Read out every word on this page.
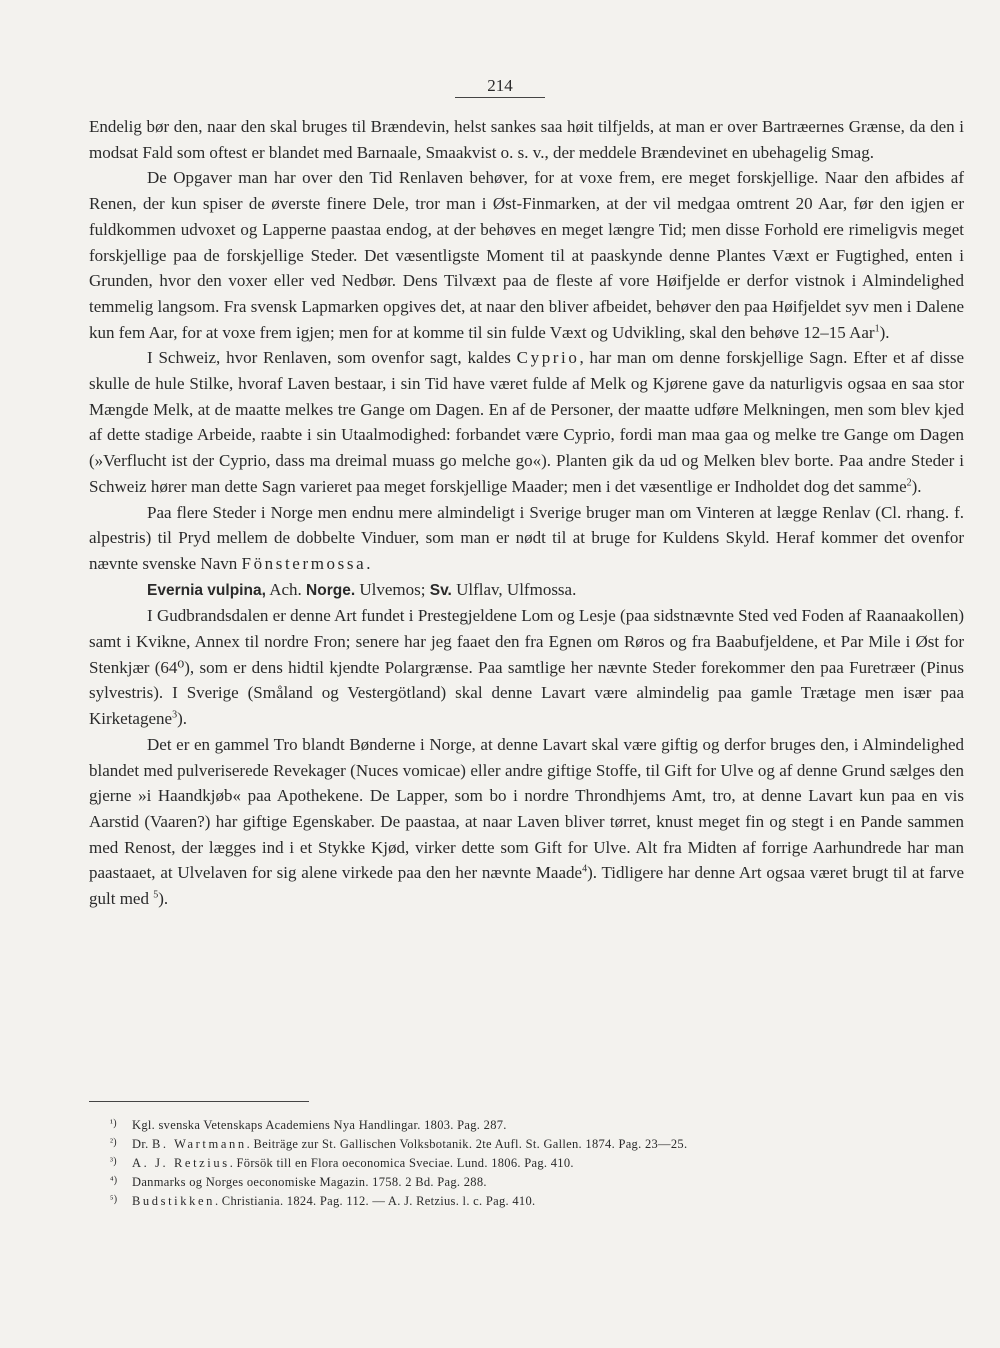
214

Endelig bør den, naar den skal bruges til Brændevin, helst sankes saa høit tilfjelds, at man er over Bartræernes Grænse, da den i modsat Fald som oftest er blandet med Barnaale, Smaakvist o. s. v., der meddele Brændevinet en ubehagelig Smag.

De Opgaver man har over den Tid Renlaven behøver, for at voxe frem, ere meget forskjellige. Naar den afbides af Renen, der kun spiser de øverste finere Dele, tror man i Øst-Finmarken, at der vil medgaa omtrent 20 Aar, før den igjen er fuldkommen udvoxet og Lapperne paastaa endog, at der behøves en meget længre Tid; men disse Forhold ere rimeligvis meget forskjellige paa de forskjellige Steder. Det væsentligste Moment til at paaskynde denne Plantes Væxt er Fugtighed, enten i Grunden, hvor den voxer eller ved Nedbør. Dens Tilvæxt paa de fleste af vore Høifjelde er derfor vistnok i Almindelighed temmelig langsom. Fra svensk Lapmarken opgives det, at naar den bliver afbeidet, behøver den paa Høifjeldet syv men i Dalene kun fem Aar, for at voxe frem igjen; men for at komme til sin fulde Væxt og Udvikling, skal den behøve 12–15 Aar$^1$).

I Schweiz, hvor Renlaven, som ovenfor sagt, kaldes Cyprio, har man om denne forskjellige Sagn. Efter et af disse skulle de hule Stilke, hvoraf Laven bestaar, i sin Tid have været fulde af Melk og Kjørene gave da naturligvis ogsaa en saa stor Mængde Melk, at de maatte melkes tre Gange om Dagen. En af de Personer, der maatte udføre Melkningen, men som blev kjed af dette stadige Arbeide, raabte i sin Utaalmodighed: forbandet være Cyprio, fordi man maa gaa og melke tre Gange om Dagen (»Verflucht ist der Cyprio, dass ma dreimal muass go melche go«). Planten gik da ud og Melken blev borte. Paa andre Steder i Schweiz hører man dette Sagn varieret paa meget forskjellige Maader; men i det væsentlige er Indholdet dog det samme$^2$).

Paa flere Steder i Norge men endnu mere almindeligt i Sverige bruger man om Vinteren at lægge Renlav (Cl. rhang. f. alpestris) til Pryd mellem de dobbelte Vinduer, som man er nødt til at bruge for Kuldens Skyld. Heraf kommer det ovenfor nævnte svenske Navn Fönstermossa.

Evernia vulpina, Ach. Norge. Ulvemos; Sv. Ulflav, Ulfmossa.

I Gudbrandsdalen er denne Art fundet i Prestegjeldene Lom og Lesje (paa sidstnævnte Sted ved Foden af Raanaakollen) samt i Kvikne, Annex til nordre Fron; senere har jeg faaet den fra Egnen om Røros og fra Baabufjeldene, et Par Mile i Øst for Stenkjær (64⁰), som er dens hidtil kjendte Polargrænse. Paa samtlige her nævnte Steder forekommer den paa Furetræer (Pinus sylvestris). I Sverige (Småland og Vestergötland) skal denne Lavart være almindelig paa gamle Trætage men især paa Kirketagene$^3$).

Det er en gammel Tro blandt Bønderne i Norge, at denne Lavart skal være giftig og derfor bruges den, i Almindelighed blandet med pulveriserede Revekager (Nuces vomicae) eller andre giftige Stoffe, til Gift for Ulve og af denne Grund sælges den gjerne »i Haandkjøb« paa Apothekene. De Lapper, som bo i nordre Throndhjems Amt, tro, at denne Lavart kun paa en vis Aarstid (Vaaren?) har giftige Egenskaber. De paastaa, at naar Laven bliver tørret, knust meget fin og stegt i en Pande sammen med Renost, der lægges ind i et Stykke Kjød, virker dette som Gift for Ulve. Alt fra Midten af forrige Aarhundrede har man paastaaet, at Ulvelaven for sig alene virkede paa den her nævnte Maade$^4$). Tidligere har denne Art ogsaa været brugt til at farve gult med $^5$).

¹) Kgl. svenska Vetenskaps Academiens Nya Handlingar. 1803. Pag. 287.
²) Dr. B. Wartmann. Beiträge zur St. Gallischen Volksbotanik. 2te Aufl. St. Gallen. 1874. Pag. 23—25.
³) A. J. Retzius. Försök till en Flora oeconomica Sveciae. Lund. 1806. Pag. 410.
⁴) Danmarks og Norges oeconomiske Magazin. 1758. 2 Bd. Pag. 288.
⁵) Budstikken. Christiania. 1824. Pag. 112. — A. J. Retzius. l. c. Pag. 410.
